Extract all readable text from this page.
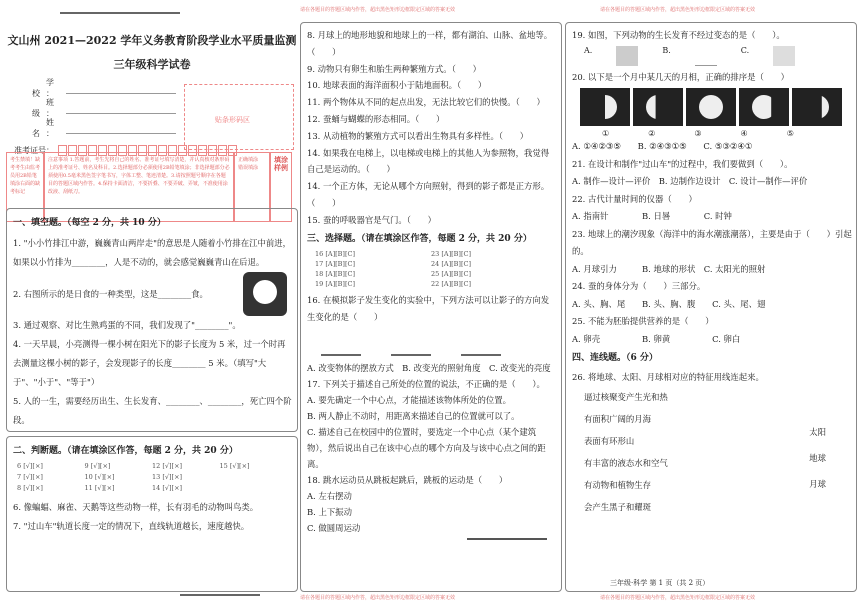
请在各题目的答题区域内作答，超出黑色矩形边框限定区域的答案无效	请在各题目的答题区域内作答，超出黑色矩形边框限定区域的答案无效
请在各题目的答题区域内作答，超出黑色矩形边框限定区域的答案无效	请在各题目的答题区域内作答，超出黑色矩形边框限定区域的答案无效
文山州 2021—2022 学年义务教育阶段学业水平质量监测
三年级科学试卷
学　校：
班　级：
姓　名：
准考证号：
贴条形码区
考生禁填！缺考考生由监考员用2B铅笔填涂右面的缺考标记
注意事项 1.答题前，考生先将自己的姓名、准考证号填写清楚，并认真核对条形码上的准考证号、姓名及科目。2.选择题部分必须使用2B铅笔填涂；非选择题部分必须使用0.5毫米黑色签字笔书写，字体工整、笔迹清楚。3.请按照题号顺序在各题目的答题区域内作答。4.保持卡面清洁，不要折叠、不要弄破、弄皱，不准使用涂改液、刮纸刀。
正确填涂　错误填涂
填涂样例
一、填空题。（每空 2 分，共 10 分）

1. "小小竹排江中游，巍巍青山两岸走"的意思是人随着小竹排在江中前进，如果以小竹排为________，人是不动的，就会感觉巍巍青山在后退。

2. 右图所示的是日食的一种类型，这是________食。

3. 通过观察、对比生熟鸡蛋的不同，我们发现了"________"。

4. 一天早晨，小亮测得一棵小树在阳光下的影子长度为 5 米，过一个时再去测量这棵小树的影子，会发现影子的长度________ 5 米。（填写"大于"、"小于"、"等于"）

5. 人的一生，需要经历出生、生长发育、________、________，死亡四个阶段。

二、判断题。（请在填涂区作答，每题 2 分，共 20 分）
6 [√][×]	9 [√][×]	12 [√][×]	15 [√][×]
7 [√][×]	10 [√][×]	13 [√][×]
8 [√][×]	11 [√][×]	14 [√][×]

6. 像蝙蝠、麻雀、天鹅等这些动物一样，长有羽毛的动物叫鸟类。

7. "过山车"轨道长度一定的情况下，直线轨道越长，速度越快。

8. 月球上的地形地貌和地球上的一样，都有湖泊、山脉、盆地等。（　　）

9. 动物只有卵生和胎生两种繁殖方式。（　　）

10. 地球表面的海洋面积小于陆地面积。（　　）

11. 两个物体从不同的起点出发，无法比较它们的快慢。（　　）

12. 蚕蛹与蝴蝶的形态相同。（　　）

13. 从动植物的繁殖方式可以看出生物具有多样性。（　　）

14. 如果我在电梯上，以电梯或电梯上的其他人为参照物，我觉得自己是运动的。（　　）

14. 一个正方体，无论从哪个方向照射，得到的影子都是正方形。（　　）

15. 蚕的呼吸器官是气门。（　　）

三、选择题。（请在填涂区作答，每题 2 分，共 20 分）
16 [A][B][C]	23 [A][B][C]
17 [A][B][C]	24 [A][B][C]
18 [A][B][C]	25 [A][B][C]
19 [A][B][C]	22 [A][B][C]

16. 在模拟影子发生变化的实验中，下列方法可以让影子的方向发生变化的是（　　）

A. 改变物体的摆放方式　B. 改变光的照射角度　C. 改变光的亮度

17. 下列关于描述自己所处的位置的说法，不正确的是（　　）。

A. 要先确定一个中心点，才能描述该物体所处的位置。

B. 两人静止不动时，用距离来描述自己的位置就可以了。

C. 描述自己在校园中的位置时，要选定一个中心点（某个建筑物），然后说出自己在该中心点的哪个方向及与该中心点之间的距离。

18. 跳水运动员从跳板起跳后，跳板的运动是（　　）

A. 左右摆动

B. 上下振动

C. 做圆周运动

19. 如图，下列动物的生长发育不经过变态的是（　　）。

A.	B.	C.

20. 以下是一个月中某几天的月相，正确的排序是（　　）

①	②	③	④	⑤

A. ①④②③⑤　　B. ②④③①⑤　　C. ⑤③②④①

21. 在设计和制作"过山车"的过程中，我们要做到（　　）。

A. 制作—设计—评价　B. 边制作边设计　C. 设计—制作—评价

22. 古代计量时间的仪器（　　）

A. 指南针　　　　B. 日晷　　　　C. 时钟

23. 地球上的潮汐现象（海洋中的海水潮涨潮落），主要是由于（　　）引起的。

A. 月球引力　　　B. 地球的形状　C. 太阳光的照射

24. 蚕的身体分为（　　）三部分。

A. 头、胸、尾　　B. 头、胸、腹　　C. 头、尾、翅

25. 不能为胚胎提供营养的是（　　）

A. 卵壳　　　　　B. 卵黄　　　　　C. 卵白

四、连线题。（6 分）

26. 将地球、太阳、月球相对应的特征用线连起来。

逼过核聚变产生光和热

有面积广阔的月海

表面有环形山

有丰富的液态水和空气

有动物和植物生存

会产生黑子和耀斑

太阳
地球
月球
三年级·科学 第 1 页（共 2 页）
